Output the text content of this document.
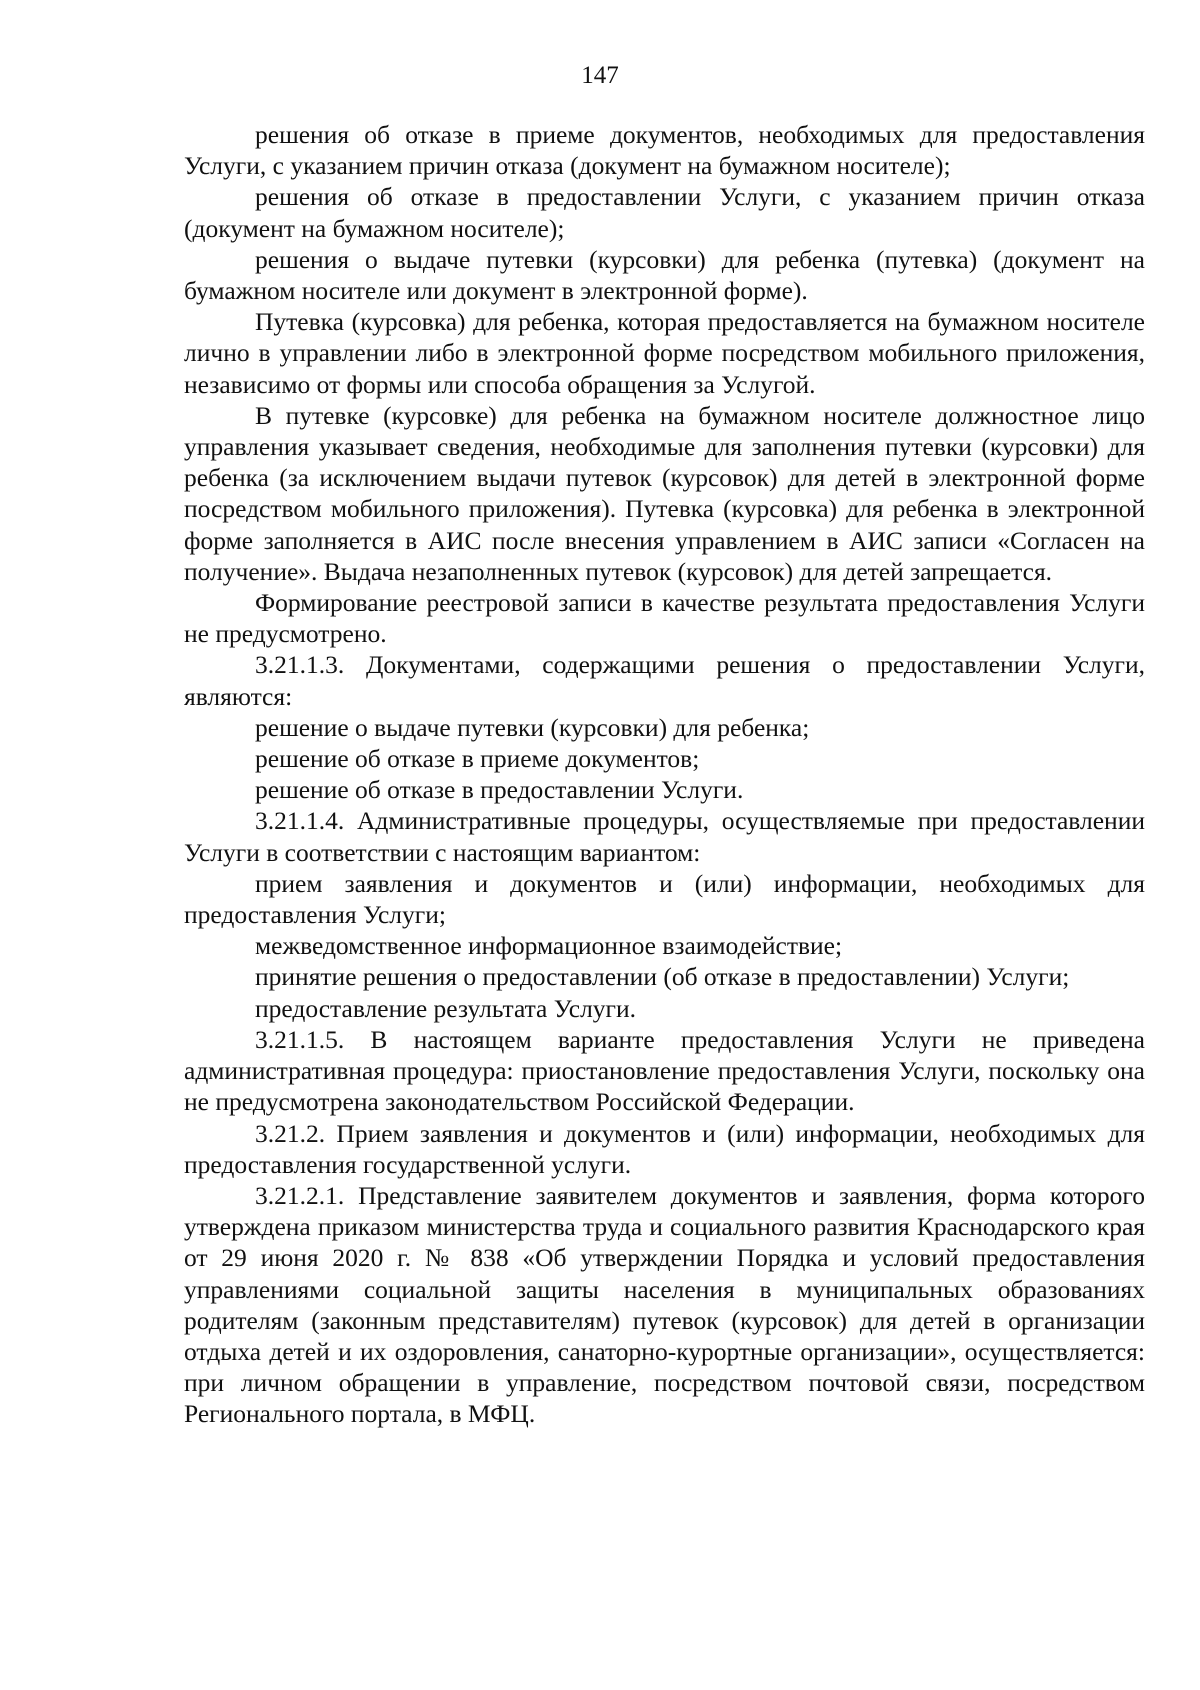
147

решения об отказе в приеме документов, необходимых для предоставления Услуги, с указанием причин отказа (документ на бумажном носителе);

решения об отказе в предоставлении Услуги, с указанием причин отказа (документ на бумажном носителе);

решения о выдаче путевки (курсовки) для ребенка (путевка) (документ на бумажном носителе или документ в электронной форме).

Путевка (курсовка) для ребенка, которая предоставляется на бумажном носителе лично в управлении либо в электронной форме посредством мобильного приложения, независимо от формы или способа обращения за Услугой.

В путевке (курсовке) для ребенка на бумажном носителе должностное лицо управления указывает сведения, необходимые для заполнения путевки (курсовки) для ребенка (за исключением выдачи путевок (курсовок) для детей в электронной форме посредством мобильного приложения). Путевка (курсовка) для ребенка в электронной форме заполняется в АИС после внесения управлением в АИС записи «Согласен на получение». Выдача незаполненных путевок (курсовок) для детей запрещается.

Формирование реестровой записи в качестве результата предоставления Услуги не предусмотрено.

3.21.1.3. Документами, содержащими решения о предоставлении Услуги, являются:

решение о выдаче путевки (курсовки) для ребенка;

решение об отказе в приеме документов;

решение об отказе в предоставлении Услуги.

3.21.1.4. Административные процедуры, осуществляемые при предоставлении Услуги в соответствии с настоящим вариантом:

прием заявления и документов и (или) информации, необходимых для предоставления Услуги;

межведомственное информационное взаимодействие;

принятие решения о предоставлении (об отказе в предоставлении) Услуги;

предоставление результата Услуги.

3.21.1.5. В настоящем варианте предоставления Услуги не приведена административная процедура: приостановление предоставления Услуги, поскольку она не предусмотрена законодательством Российской Федерации.

3.21.2. Прием заявления и документов и (или) информации, необходимых для предоставления государственной услуги.

3.21.2.1. Представление заявителем документов и заявления, форма которого утверждена приказом министерства труда и социального развития Краснодарского края от 29 июня 2020 г. № 838 «Об утверждении Порядка и условий предоставления управлениями социальной защиты населения в муниципальных образованиях родителям (законным представителям) путевок (курсовок) для детей в организации отдыха детей и их оздоровления, санаторно-курортные организации», осуществляется: при личном обращении в управление, посредством почтовой связи, посредством Регионального портала, в МФЦ.
